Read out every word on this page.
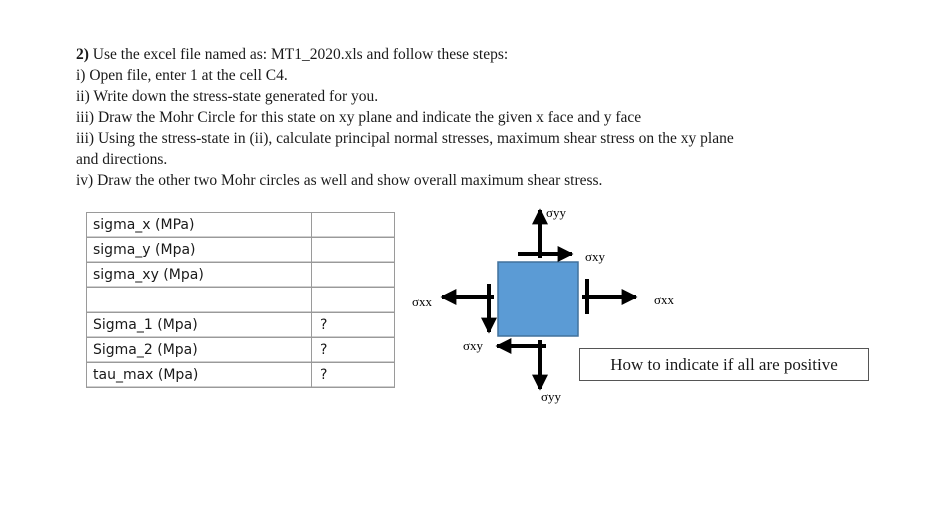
2) Use the excel file named as: MT1_2020.xls and follow these steps:
i) Open file, enter 1 at the cell C4.
ii) Write down the stress-state generated for you.
iii) Draw the Mohr Circle for this state on xy plane and indicate the given x face and y face
iii) Using the stress-state in (ii), calculate principal normal stresses, maximum shear stress on the xy plane
and directions.
iv) Draw the other two Mohr circles as well and show overall maximum shear stress.
sigma_x (MPa)	
sigma_y (Mpa)	
sigma_xy (Mpa)	

Sigma_1 (Mpa)	?
Sigma_2 (Mpa)	?
tau_max (Mpa)	?
σyy
σxy
σxx
σxx
σxy
σyy
How to indicate if all are positive
